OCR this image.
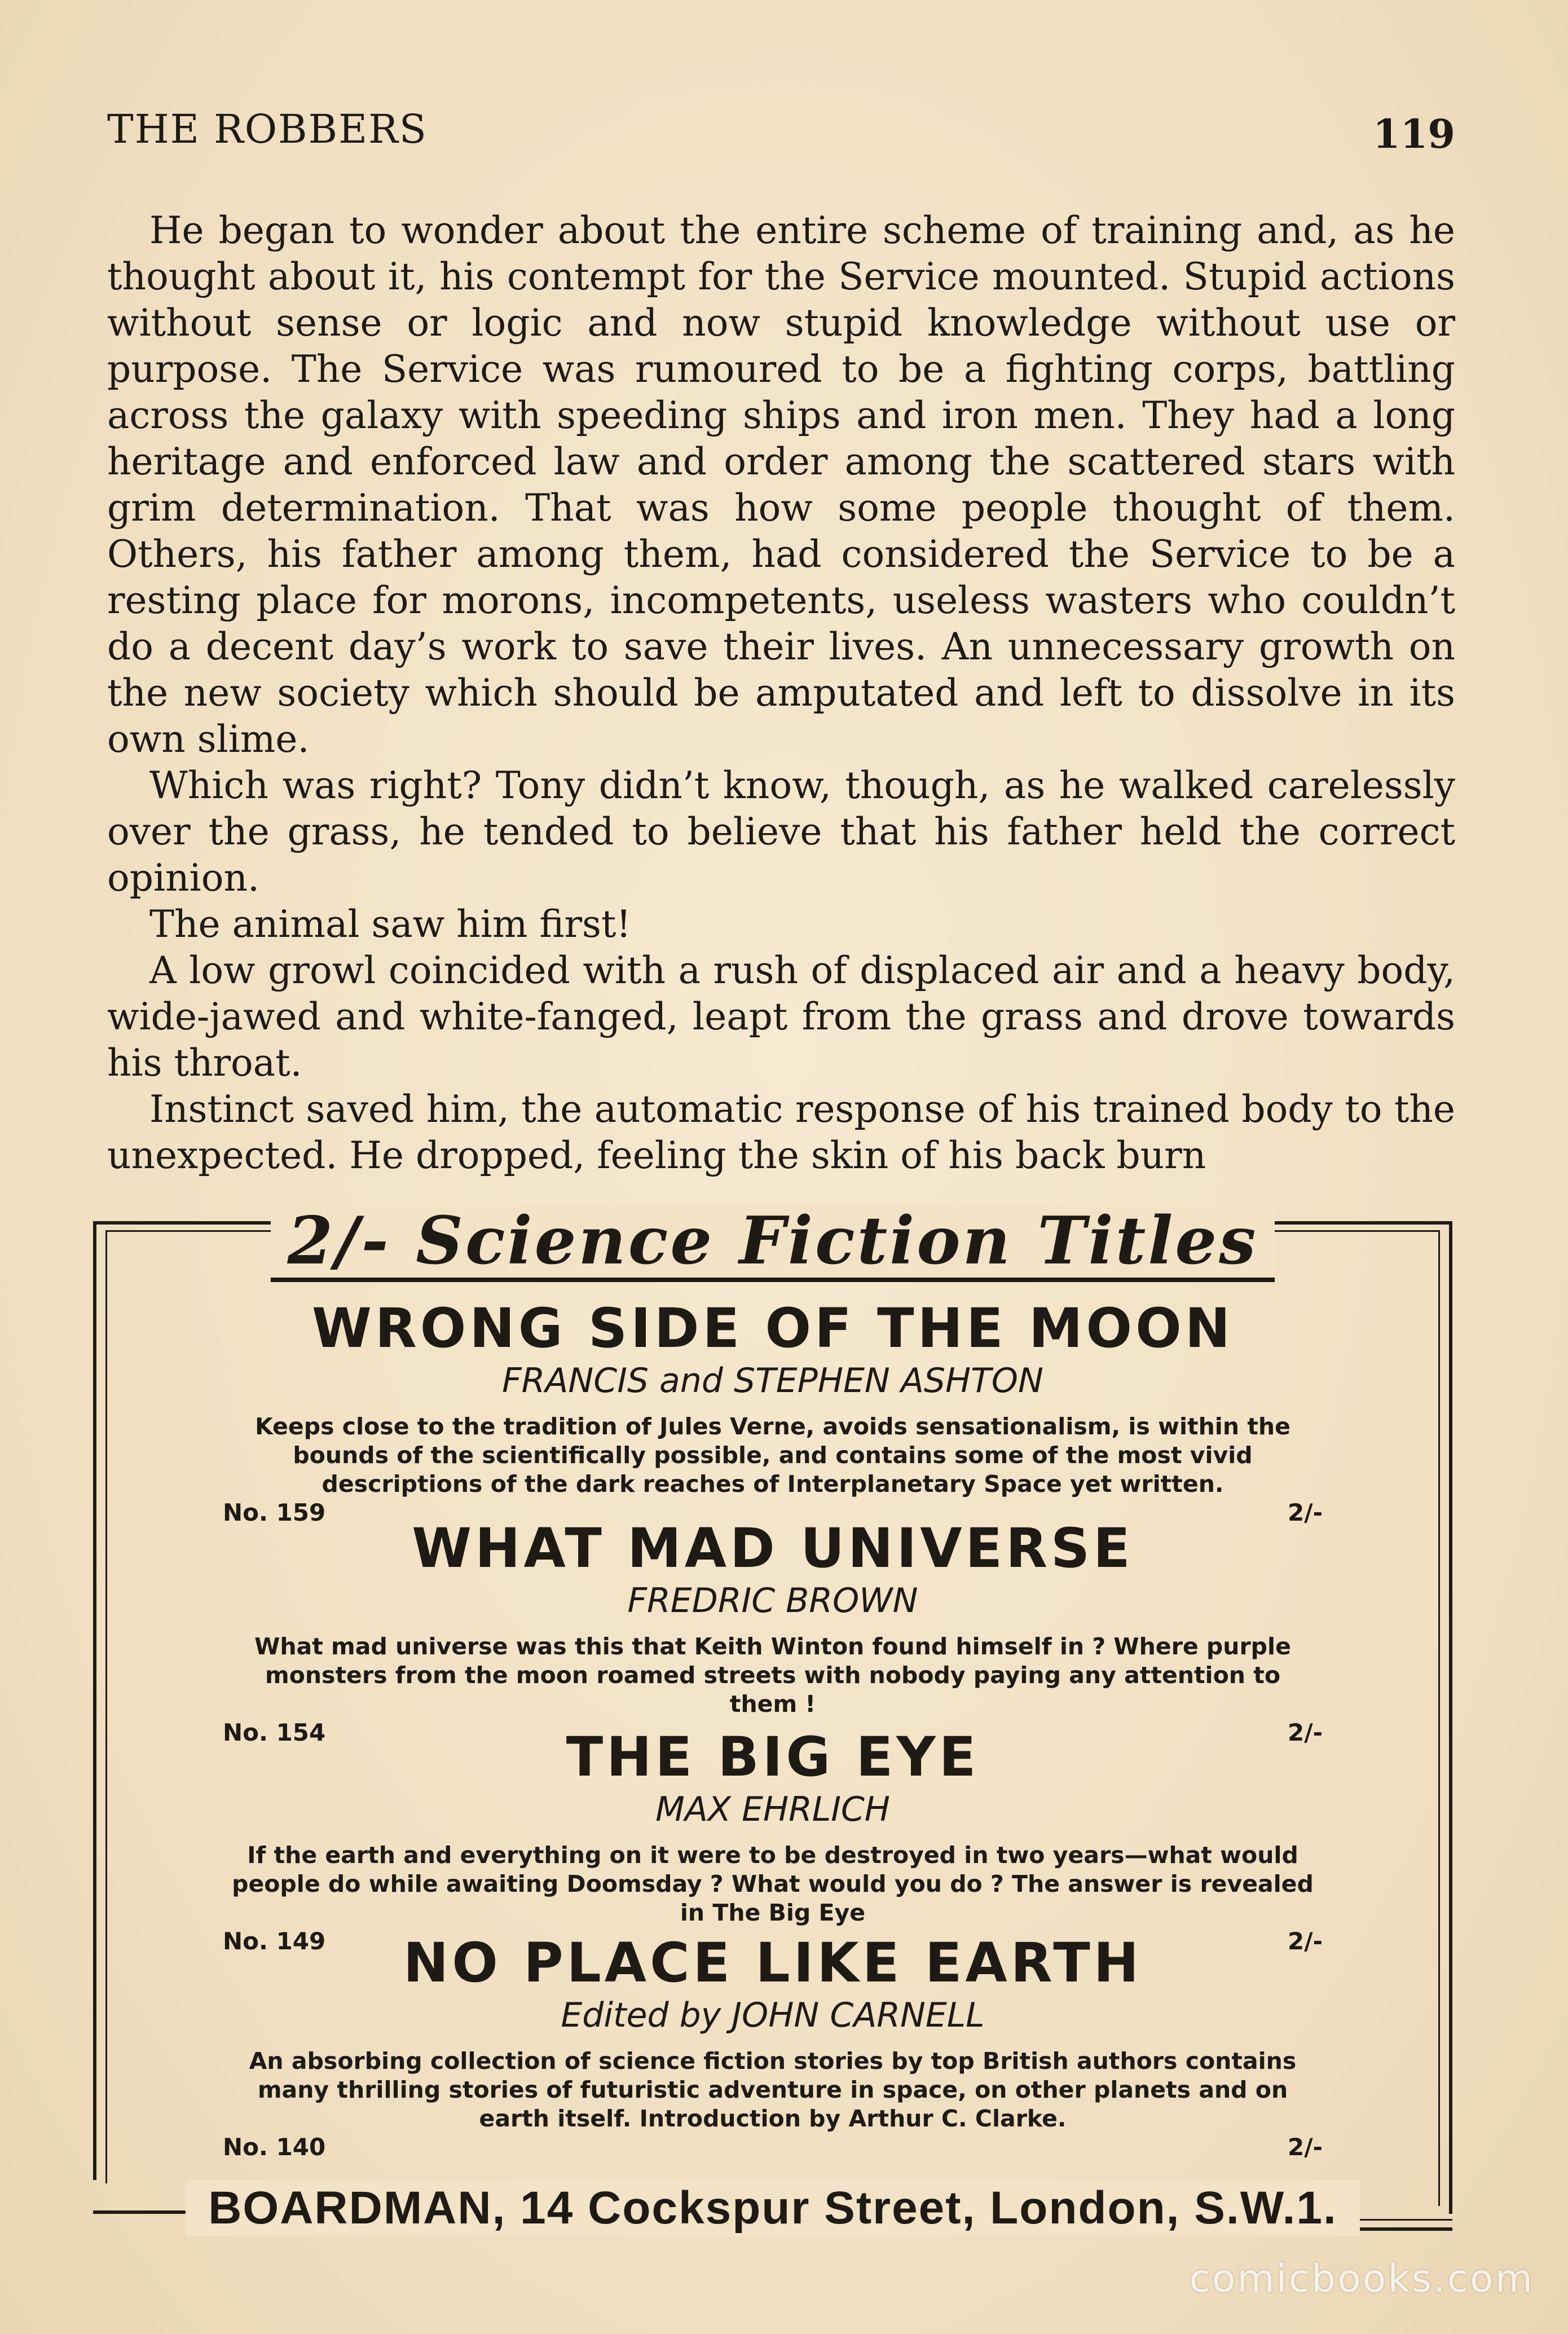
THE ROBBERS	119

He began to wonder about the entire scheme of training and, as he thought about it, his contempt for the Service mounted. Stupid actions without sense or logic and now stupid knowledge without use or purpose. The Service was rumoured to be a fighting corps, battling across the galaxy with speeding ships and iron men. They had a long heritage and enforced law and order among the scattered stars with grim determination. That was how some people thought of them. Others, his father among them, had considered the Service to be a resting place for morons, incompetents, useless wasters who couldn’t do a decent day’s work to save their lives. An unnecessary growth on the new society which should be amputated and left to dissolve in its own slime.

Which was right? Tony didn’t know, though, as he walked carelessly over the grass, he tended to believe that his father held the correct opinion.

The animal saw him first!

A low growl coincided with a rush of displaced air and a heavy body, wide-jawed and white-fanged, leapt from the grass and drove towards his throat.

Instinct saved him, the automatic response of his trained body to the unexpected. He dropped, feeling the skin of his back burn

2/- Science Fiction Titles
WRONG SIDE OF THE MOON
FRANCIS and STEPHEN ASHTON
Keeps close to the tradition of Jules Verne, avoids sensationalism, is within the bounds of the scientifically possible, and contains some of the most vivid descriptions of the dark reaches of Interplanetary Space yet written.
No. 159	2/-
WHAT MAD UNIVERSE
FREDRIC BROWN
What mad universe was this that Keith Winton found himself in ? Where purple monsters from the moon roamed streets with nobody paying any attention to them !
No. 154	2/-
THE BIG EYE
MAX EHRLICH
If the earth and everything on it were to be destroyed in two years—what would people do while awaiting Doomsday ? What would you do ? The answer is revealed in The Big Eye
No. 149	2/-
NO PLACE LIKE EARTH
Edited by JOHN CARNELL
An absorbing collection of science fiction stories by top British authors contains many thrilling stories of futuristic adventure in space, on other planets and on earth itself. Introduction by Arthur C. Clarke.
No. 140	2/-
BOARDMAN, 14 Cockspur Street, London, S.W.1.
comicbooks.com
